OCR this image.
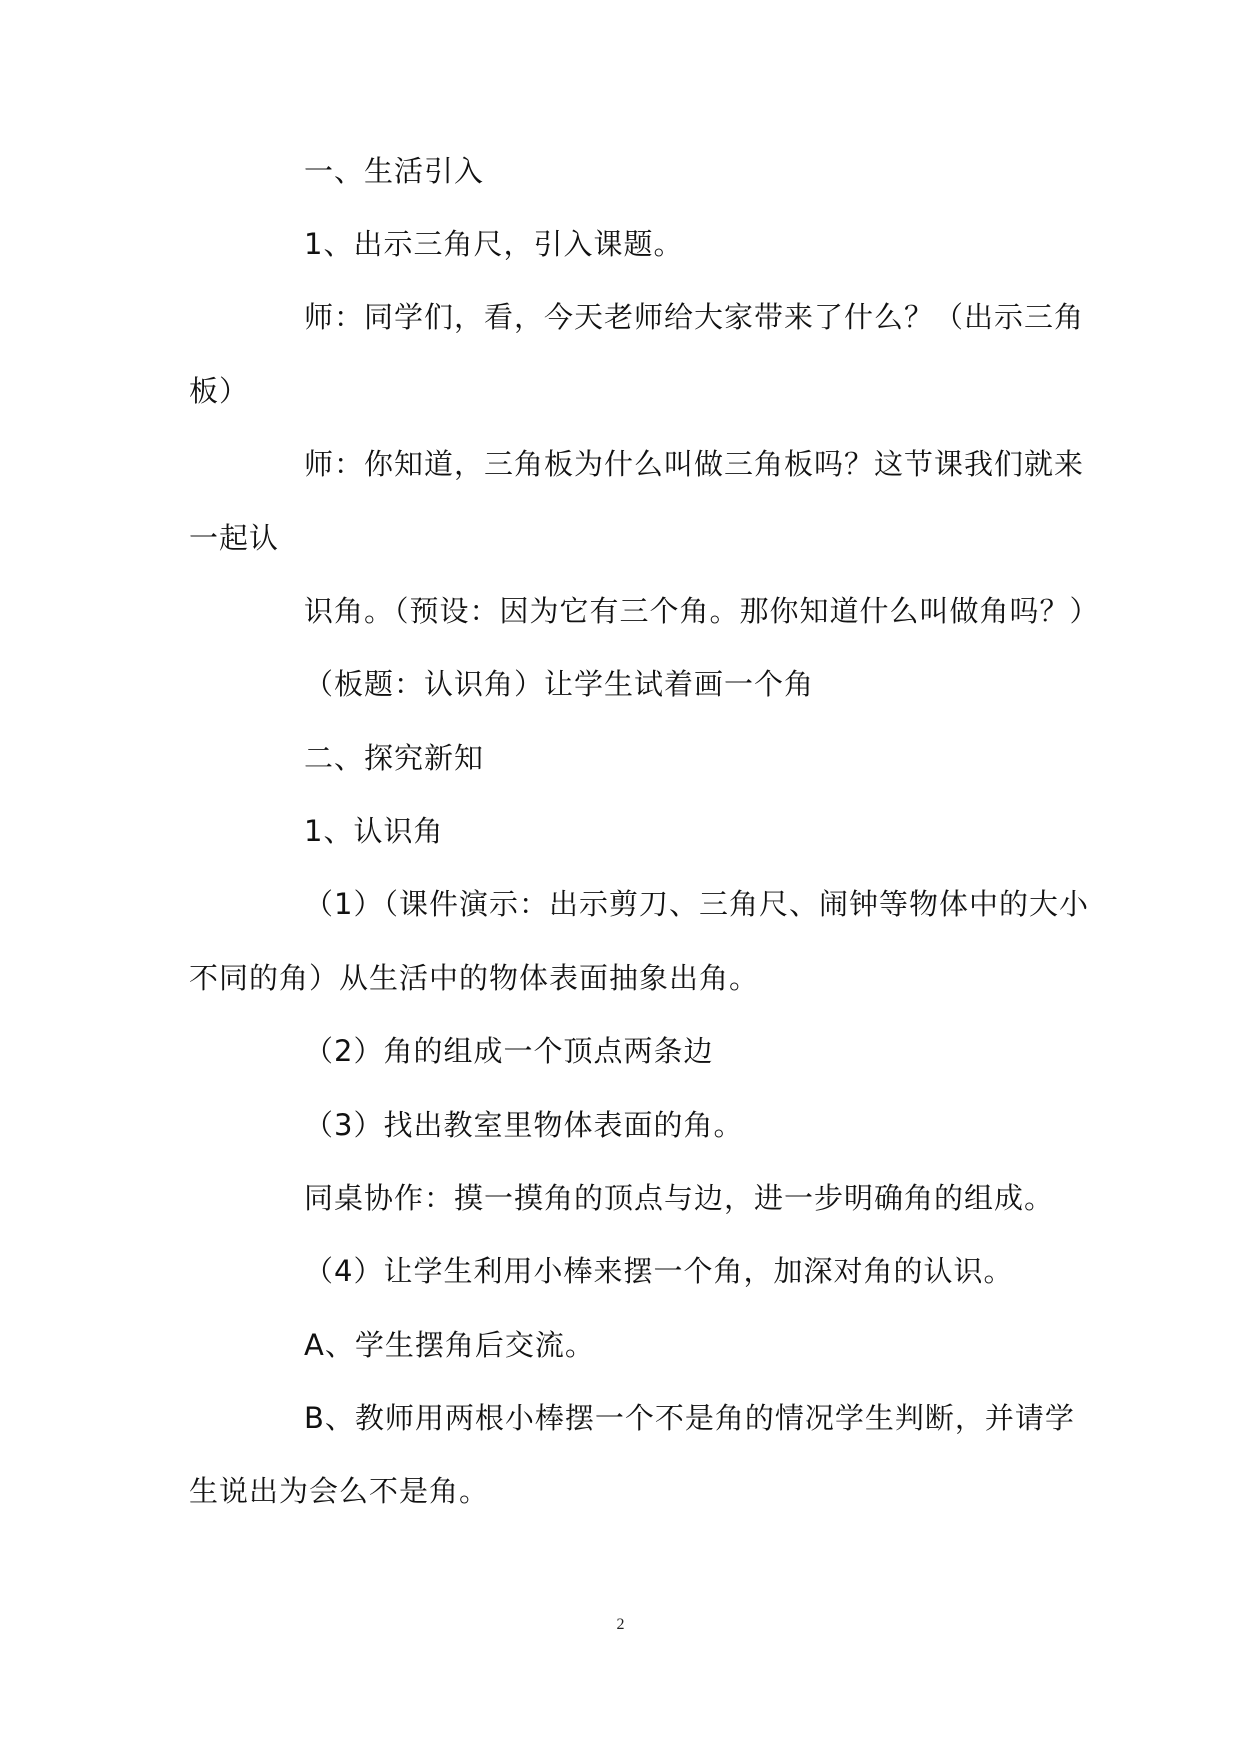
一、生活引入
1、出示三角尺，引入课题。
师：同学们，看，今天老师给大家带来了什么？（出示三角
板）
师：你知道，三角板为什么叫做三角板吗？这节课我们就来
一起认
识角。（预设：因为它有三个角。那你知道什么叫做角吗？）
（板题：认识角）让学生试着画一个角
二、探究新知
1、认识角
（1）（课件演示：出示剪刀、三角尺、闹钟等物体中的大小
不同的角）从生活中的物体表面抽象出角。
（2）角的组成一个顶点两条边
（3）找出教室里物体表面的角。
同桌协作：摸一摸角的顶点与边，进一步明确角的组成。
（4）让学生利用小棒来摆一个角，加深对角的认识。
A、学生摆角后交流。
B、教师用两根小棒摆一个不是角的情况学生判断，并请学
生说出为会么不是角。
2
